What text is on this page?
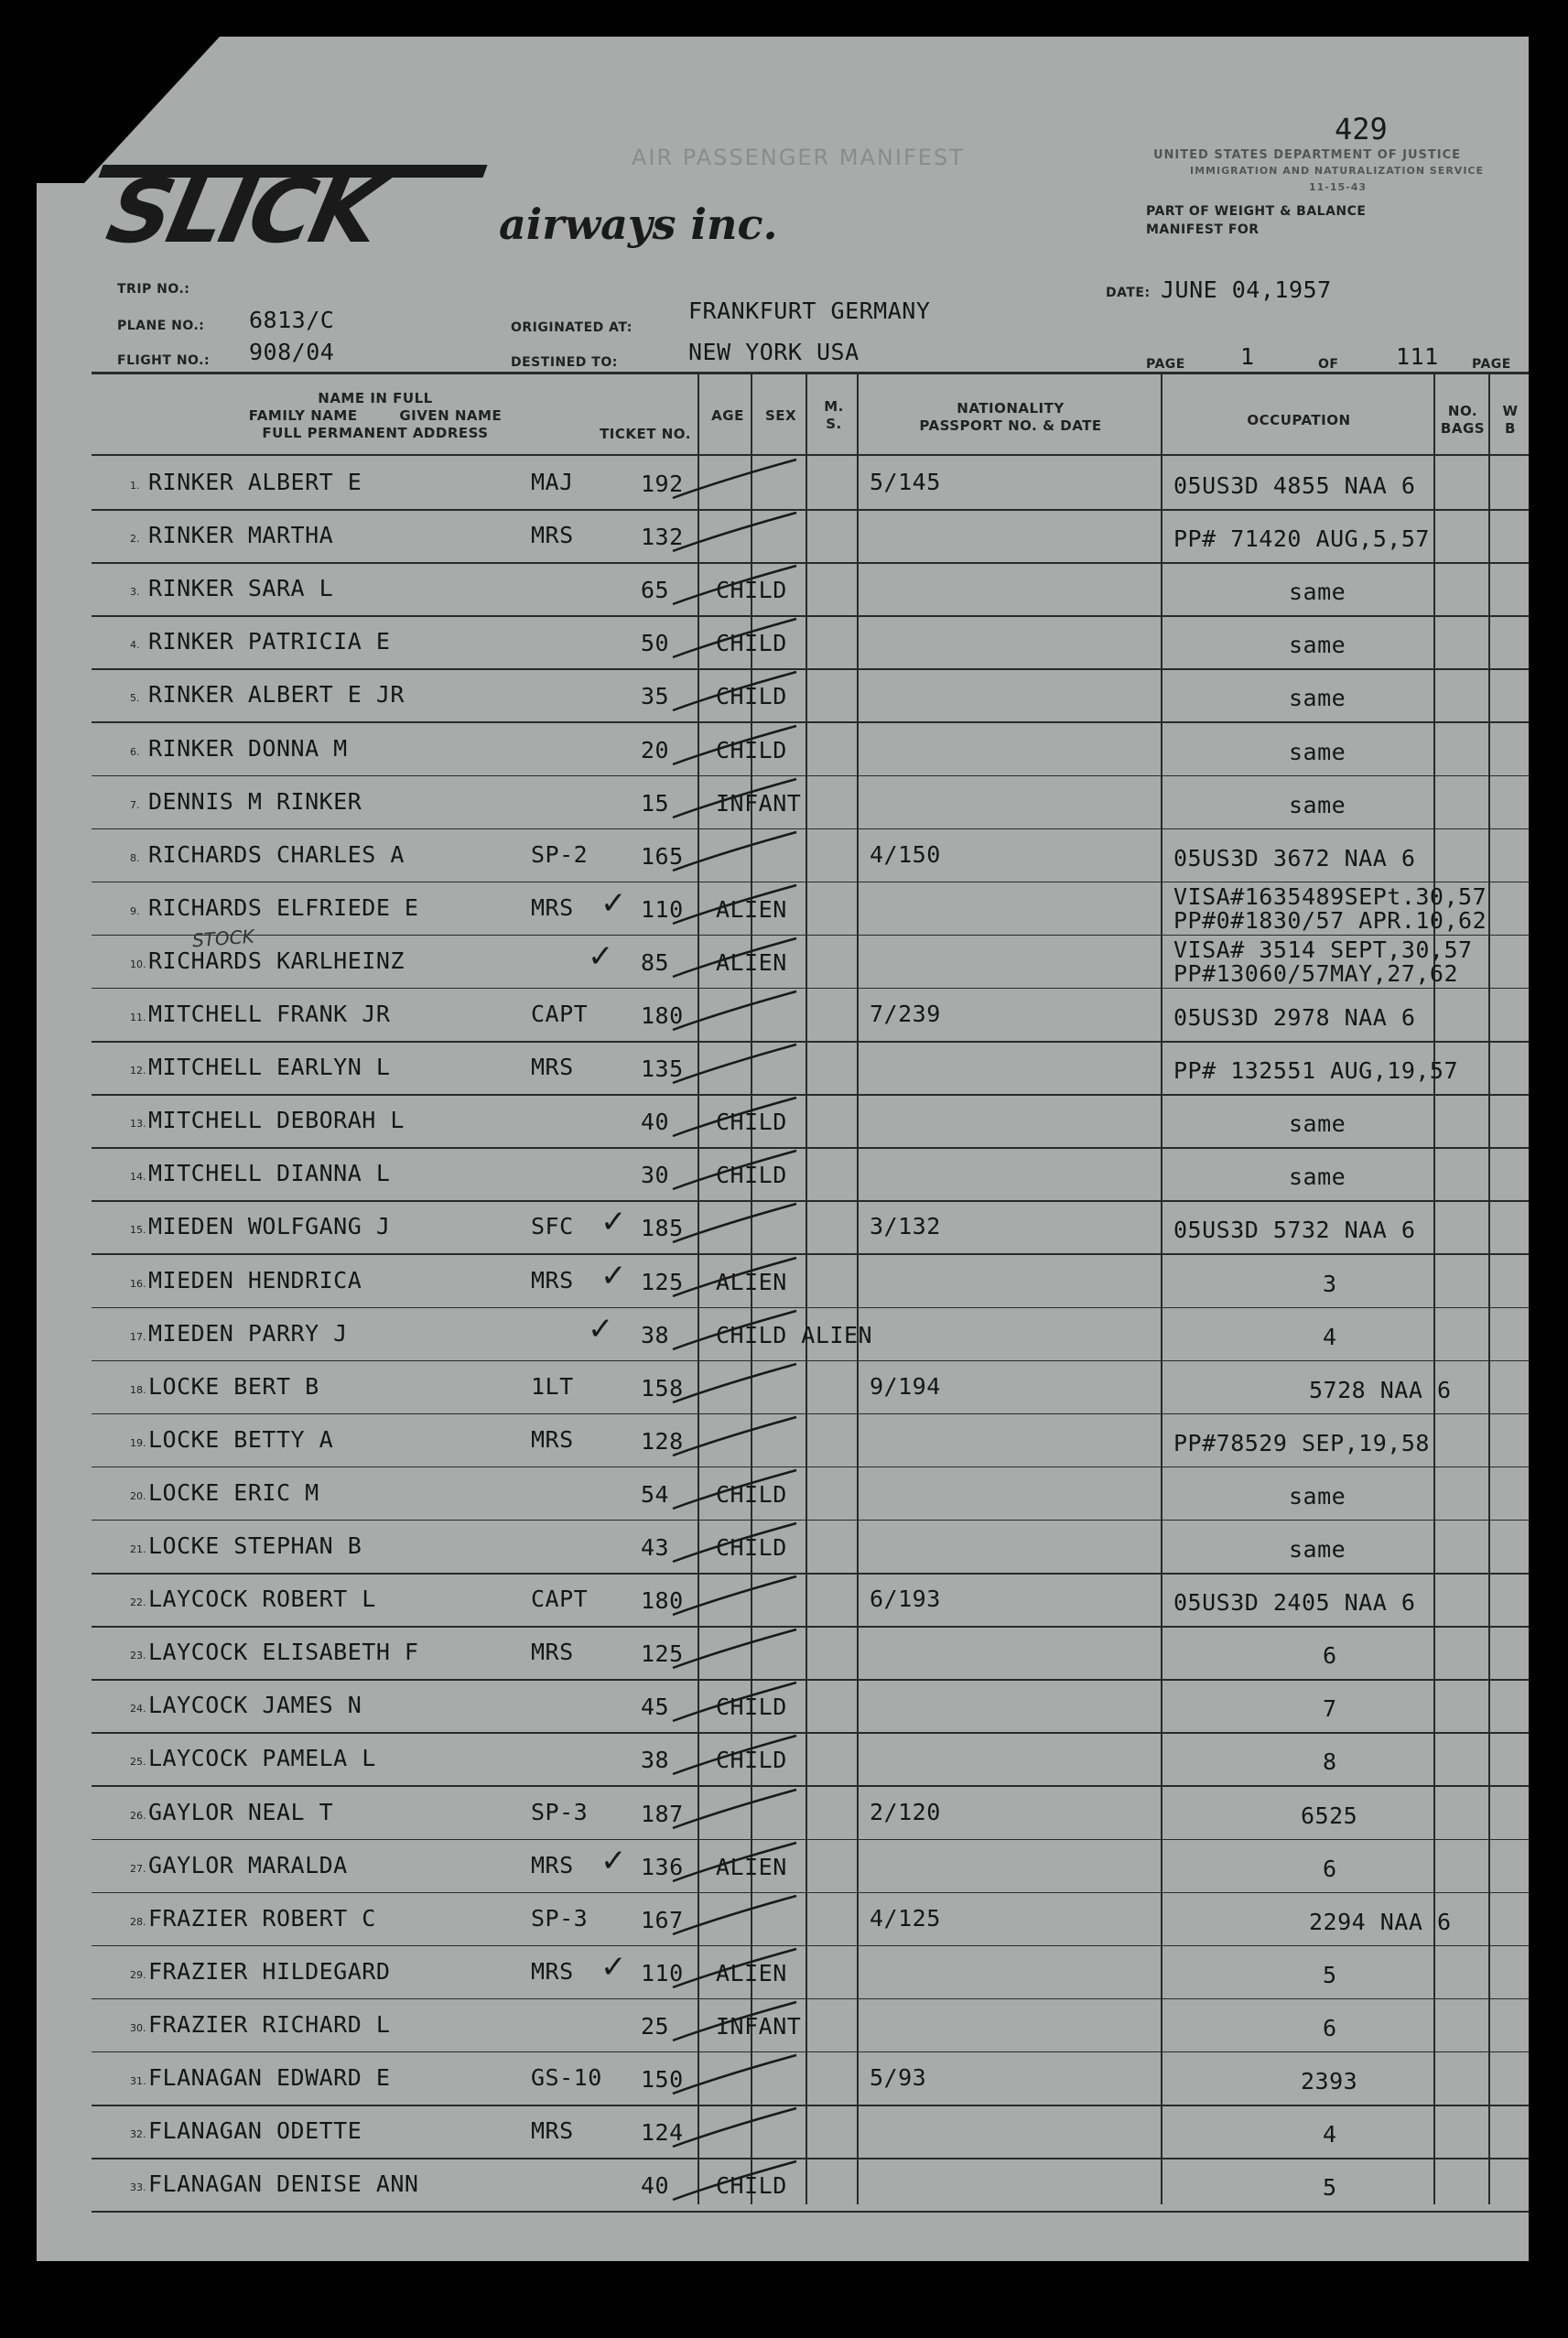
AIR PASSENGER MANIFEST
429
UNITED STATES DEPARTMENT OF JUSTICE
IMMIGRATION AND NATURALIZATION SERVICE
11-15-43
PART OF WEIGHT & BALANCE
MANIFEST FOR
SLICK	airways inc.
TRIP NO.:
PLANE NO.:
FLIGHT NO.:
6813/C
908/04
ORIGINATED AT:
DESTINED TO:
FRANKFURT GERMANY
NEW YORK USA
DATE: JUNE 04,1957
PAGE 1	OF	111	PAGE
NAME IN FULL
FAMILY NAME        GIVEN NAME
FULL PERMANENT ADDRESS	TICKET NO.
AGE	SEX
M.
S.
NATIONALITY
PASSPORT NO. & DATE	OCCUPATION
NO.
BAGS
W
B
1. RINKER ALBERT E	MAJ	192	5/145	05US3D 4855 NAA 6
2. RINKER MARTHA	MRS	132	PP# 71420 AUG,5,57
3. RINKER SARA L	65 CHILD	same
4. RINKER PATRICIA E	50 CHILD	same
5. RINKER ALBERT E JR	35 CHILD	same
6. RINKER DONNA M	20 CHILD	same
7. DENNIS M RINKER	15 INFANT	same
8. RICHARDS CHARLES A	SP-2 165	4/150	05US3D 3672 NAA 6
9. RICHARDS ELFRIEDE E	MRS	110 ALIEN	VISA#1635489SEPt.30,57
PP#0#1830/57 APR.10,62
✓
10. RICHARDS KARLHEINZ	85 ALIEN	VISA# 3514 SEPT,30,57
PP#13060/57MAY,27,62
✓
11. MITCHELL FRANK JR	CAPT 180	7/239	05US3D 2978 NAA 6
12. MITCHELL EARLYN L	MRS	135	PP# 132551 AUG,19,57
13. MITCHELL DEBORAH L	40 CHILD	same
14. MITCHELL DIANNA L	30 CHILD	same
15. MIEDEN WOLFGANG J	SFC	185	3/132	05US3D 5732 NAA 6
✓
16. MIEDEN HENDRICA	MRS	125 ALIEN	3
✓
17. MIEDEN PARRY J	38 CHILD ALIEN	4
✓
18. LOCKE BERT B	1LT	158	9/194	5728 NAA 6
19. LOCKE BETTY A	MRS	128	PP#78529 SEP,19,58
20. LOCKE ERIC M	54 CHILD	same
21. LOCKE STEPHAN B	43 CHILD	same
22. LAYCOCK ROBERT L	CAPT 180	6/193	05US3D 2405 NAA 6
23. LAYCOCK ELISABETH F	MRS	125	6
24. LAYCOCK JAMES N	45 CHILD	7
25. LAYCOCK PAMELA L	38 CHILD	8
26. GAYLOR NEAL T	SP-3 187	2/120	6525
27. GAYLOR MARALDA	MRS	136 ALIEN	6
✓
28. FRAZIER ROBERT C	SP-3 167	4/125	2294 NAA 6
29. FRAZIER HILDEGARD	MRS	110 ALIEN	5
✓
30. FRAZIER RICHARD L	25 INFANT	6
31. FLANAGAN EDWARD E	GS-10 150	5/93	2393
32. FLANAGAN ODETTE	MRS	124	4
33. FLANAGAN DENISE ANN	40 CHILD	5
STOCK
